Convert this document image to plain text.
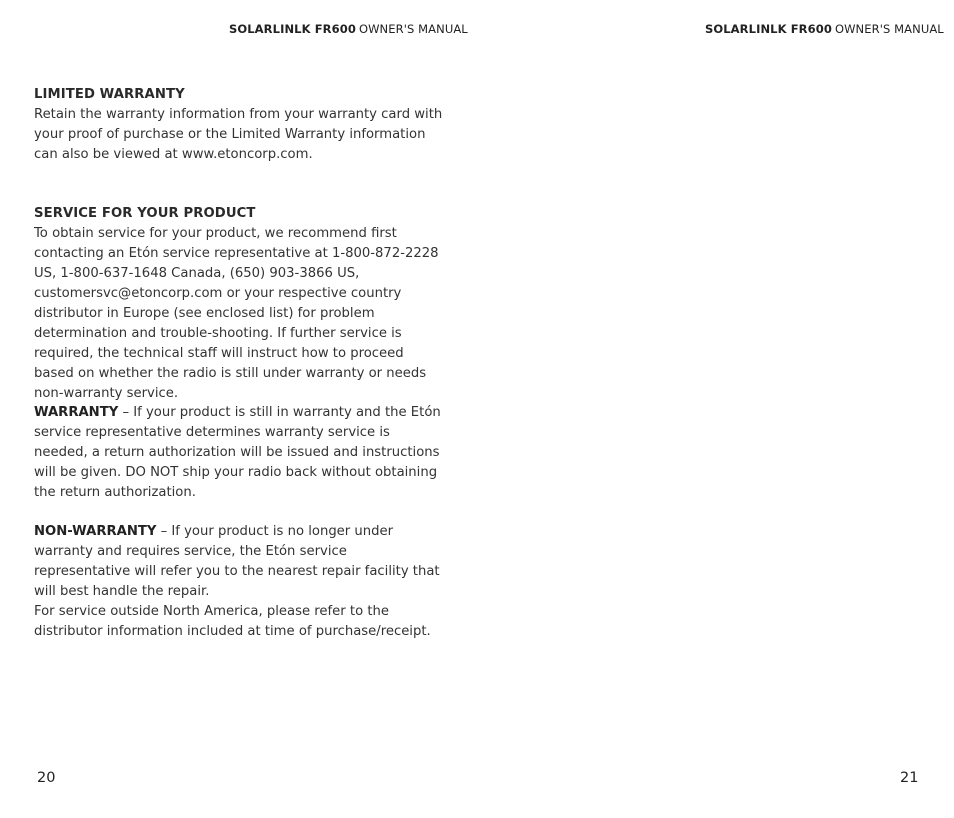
SOLARLINLK FR600 OWNER'S MANUAL
LIMITED WARRANTY

Retain the warranty information from your warranty card with your proof of purchase or the Limited Warranty information can also be viewed at www.etoncorp.com.

SERVICE FOR YOUR PRODUCT

To obtain service for your product, we recommend first contacting an Etón service representative at 1-800-872-2228 US, 1-800-637-1648 Canada, (650) 903-3866 US, customersvc@etoncorp.com or your respective country distributor in Europe (see enclosed list) for problem determination and trouble-shooting. If further service is required, the technical staff will instruct how to proceed based on whether the radio is still under warranty or needs non-warranty service.

WARRANTY – If your product is still in warranty and the Etón service representative determines warranty service is needed, a return authorization will be issued and instructions will be given. DO NOT ship your radio back without obtaining the return authorization.

NON-WARRANTY – If your product is no longer under warranty and requires service, the Etón service representative will refer you to the nearest repair facility that will best handle the repair.

For service outside North America, please refer to the distributor information included at time of purchase/receipt.

20
SOLARLINLK FR600 OWNER'S MANUAL
21
